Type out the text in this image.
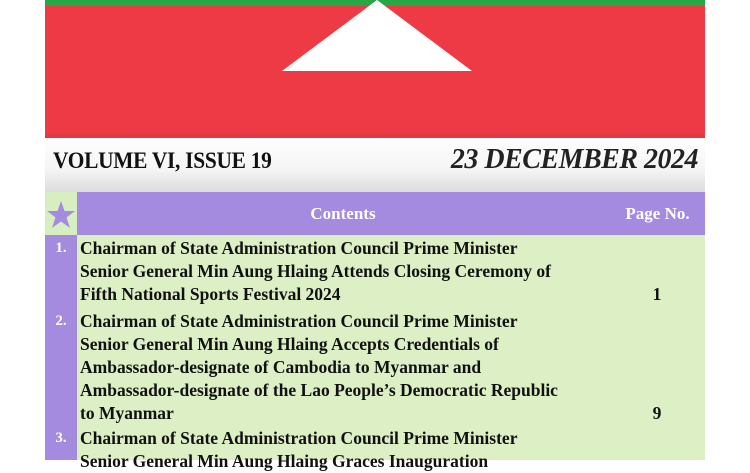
VOLUME VI, ISSUE 19	23 DECEMBER 2024
Contents	Page No.
1. Chairman of State Administration Council Prime Minister
Senior General Min Aung Hlaing Attends Closing Ceremony of
Fifth National Sports Festival 2024	1
2. Chairman of State Administration Council Prime Minister
Senior General Min Aung Hlaing Accepts Credentials of
Ambassador-designate of Cambodia to Myanmar and
Ambassador-designate of the Lao People’s Democratic Republic
to Myanmar	9
3. Chairman of State Administration Council Prime Minister
Senior General Min Aung Hlaing Graces Inauguration
